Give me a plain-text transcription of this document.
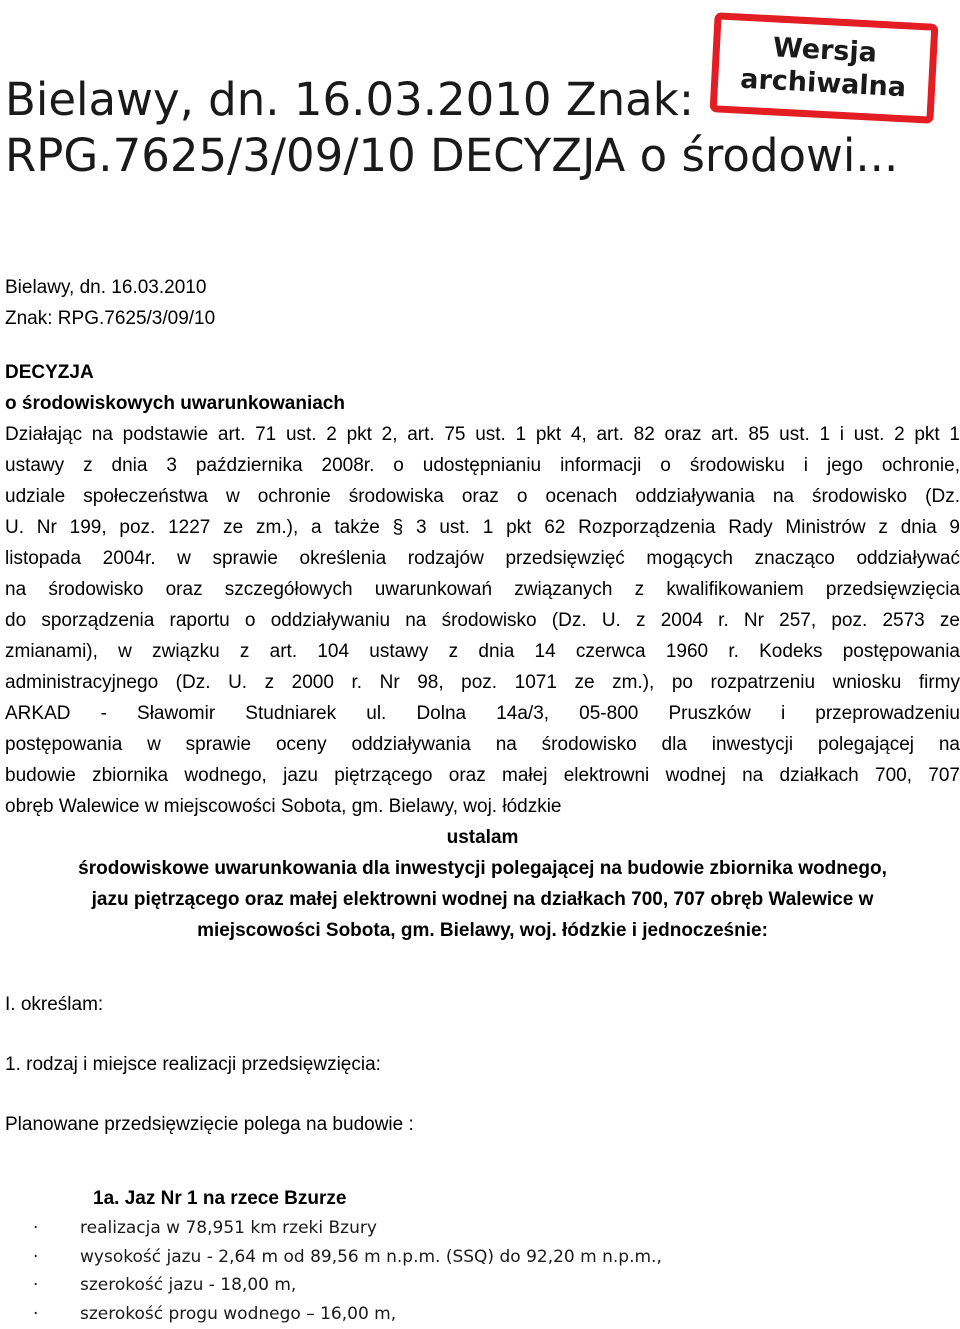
Bielawy, dn. 16.03.2010 Znak: RPG.7625/3/09/10 DECYZJA o środowi...
Wersja
archiwalna

Bielawy, dn. 16.03.2010

Znak: RPG.7625/3/09/10

DECYZJA

o środowiskowych uwarunkowaniach

Działając na podstawie art. 71 ust. 2 pkt 2, art. 75 ust. 1 pkt 4, art. 82 oraz art. 85 ust. 1 i ust. 2 pkt 1

ustawy z dnia 3 października 2008r. o udostępnianiu informacji o środowisku i jego ochronie,

udziale społeczeństwa w ochronie środowiska oraz o ocenach oddziaływania na środowisko (Dz.

U. Nr 199, poz. 1227 ze zm.), a także § 3 ust. 1 pkt 62 Rozporządzenia Rady Ministrów z dnia 9

listopada 2004r. w sprawie określenia rodzajów przedsięwzięć mogących znacząco oddziaływać

na środowisko oraz szczegółowych uwarunkowań związanych z kwalifikowaniem przedsięwzięcia

do sporządzenia raportu o oddziaływaniu na środowisko (Dz. U. z 2004 r. Nr 257, poz. 2573 ze

zmianami), w związku z art. 104 ustawy z dnia 14 czerwca 1960 r. Kodeks postępowania

administracyjnego (Dz. U. z 2000 r. Nr 98, poz. 1071 ze zm.), po rozpatrzeniu wniosku firmy

ARKAD - Sławomir Studniarek ul. Dolna 14a/3, 05-800 Pruszków i przeprowadzeniu

postępowania w sprawie oceny oddziaływania na środowisko dla inwestycji polegającej na

budowie zbiornika wodnego, jazu piętrzącego oraz małej elektrowni wodnej na działkach 700, 707

obręb Walewice w miejscowości Sobota, gm. Bielawy, woj. łódzkie

ustalam

środowiskowe uwarunkowania dla inwestycji polegającej na budowie zbiornika wodnego,

jazu piętrzącego oraz małej elektrowni wodnej na działkach 700, 707 obręb Walewice w

miejscowości Sobota, gm. Bielawy, woj. łódzkie i jednocześnie:

I. określam:

1. rodzaj i miejsce realizacji przedsięwzięcia:

Planowane przedsięwzięcie polega na budowie :

1a. Jaz Nr 1 na rzece Bzurze

· realizacja w 78,951 km rzeki Bzury
· wysokość jazu - 2,64 m od 89,56 m n.p.m. (SSQ) do 92,20 m n.p.m.,
· szerokość jazu - 18,00 m,
· szerokość progu wodnego – 16,00 m,
